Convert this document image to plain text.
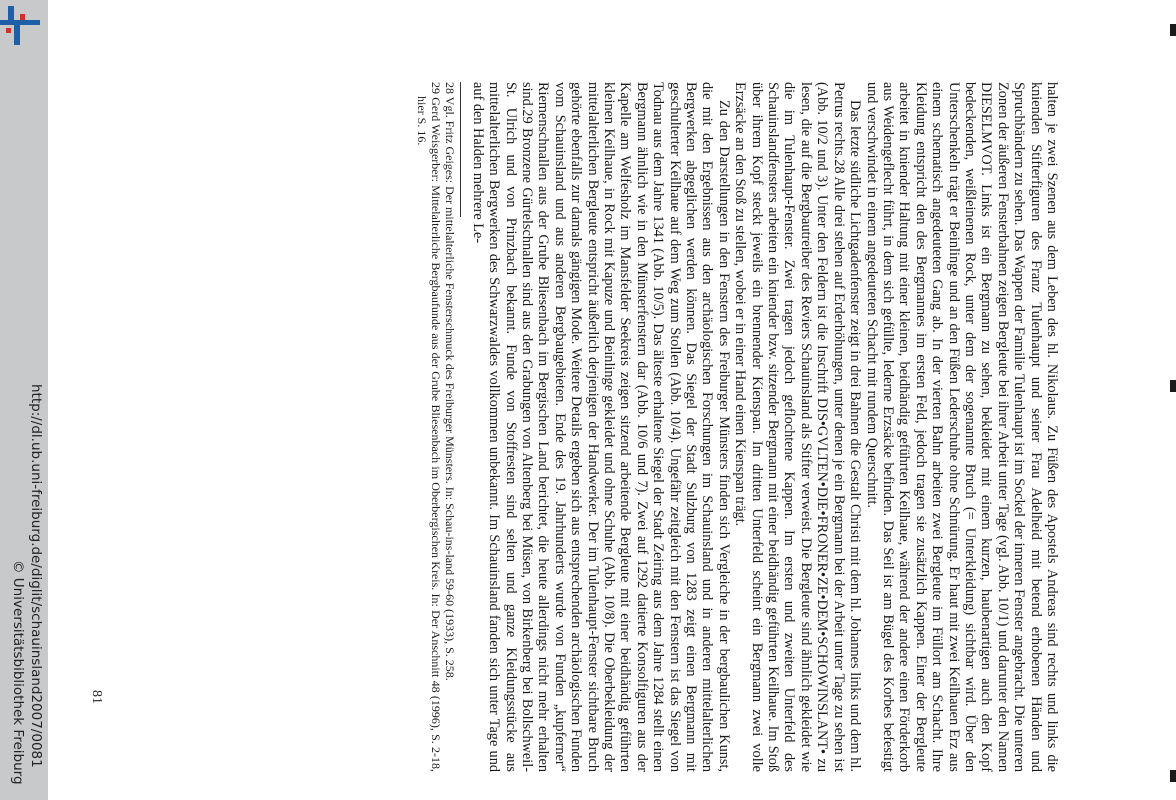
http://dl.ub.uni-freiburg.de/diglit/schauinsland2007/0081
© Universitätsbibliothek Freiburg	halten je zwei Szenen aus dem Leben des hl. Nikolaus. Zu Füßen des Apostels Andreas sind rechts und links die knienden Stifterfiguren des Franz Tulenhaupt und seiner Frau Adelheid mit betend erhobenen Händen und Spruchbändern zu sehen. Das Wappen der Familie Tulenhaupt ist im Sockel der inneren Fenster angebracht. Die unteren Zonen der äußeren Fensterbahnen zeigen Bergleute bei ihrer Arbeit unter Tage (vgl. Abb. 10/1) und darunter den Namen DIESELMVOT. Links ist ein Bergmann zu sehen, bekleidet mit einem kurzen, haubenartigen auch den Kopf bedeckenden, weißleinenen Rock, unter dem der sogenannte Bruch (= Unterkleidung) sichtbar wird. Über den Unterschenkeln trägt er Beinlinge und an den Füßen Lederschuhe ohne Schnürung. Er haut mit zwei Keilhauen Erz aus einem schematisch angedeuteten Gang ab. In der vierten Bahn arbeiten zwei Bergleute im Füllort am Schacht. Ihre Kleidung entspricht den des Bergmannes im ersten Feld, jedoch tragen sie zusätzlich Kappen. Einer der Bergleute arbeitet in kniender Haltung mit einer kleinen, beidhändig geführten Keilhaue, während der andere einen Förderkorb aus Weidengeflecht führt, in dem sich gefüllte, lederne Erzsäcke befinden. Das Seil ist am Bügel des Korbes befestigt und verschwindet in einem angedeuteten Schacht mit rundem Querschnitt.

Das letzte südliche Lichtgadenfenster zeigt in drei Bahnen die Gestalt Christi mit dem hl. Johannes links und dem hl. Petrus rechts.28 Alle drei stehen auf Erderhöhungen, unter denen je ein Bergmann bei der Arbeit unter Tage zu sehen ist (Abb. 10/2 und 3). Unter den Feldern ist die Inschrift DIS•GVLTEN•DIE•FRONER•ZE•DEM•SCHOWINSLANT• zu lesen, die auf die Bergbautreiber des Reviers Schauinsland als Stifter verweist. Die Bergleute sind ähnlich gekleidet wie die im Tulenhaupt-Fenster. Zwei tragen jedoch geflochtene Kappen. Im ersten und zweiten Unterfeld des Schauinslandfensters arbeiten ein kniender bzw. sitzender Bergmann mit einer beidhändig geführten Keilhaue. Im Stoß über ihrem Kopf steckt jeweils ein brennender Kienspan. Im dritten Unterfeld scheint ein Bergmann zwei volle Erzsäcke an den Stoß zu stellen, wobei er in einer Hand einen Kienspan trägt.

Zu den Darstellungen in den Fenstern des Freiburger Münsters finden sich Vergleiche in der bergbaulichen Kunst, die mit den Ergebnissen aus den archäologischen Forschungen im Schauinsland und in anderen mittelalterlichen Bergwerken abgeglichen werden können. Das Siegel der Stadt Sulzburg von 1283 zeigt einen Bergmann mit geschulterter Keilhaue auf dem Weg zum Stollen (Abb. 10/4). Ungefähr zeitgleich mit den Fenstern ist das Siegel von Todnau aus dem Jahre 1341 (Abb. 10/5). Das älteste erhaltene Siegel der Stadt Zeiring aus dem Jahre 1284 stellt einen Bergmann ähnlich wie in den Münsterfenstern dar (Abb. 10/6 und 7). Zwei auf 1292 datierte Konsolfiguren aus der Kapelle am Welfesholz im Mansfelder Seekreis zeigen sitzend arbeitende Bergleute mit einer beidhändig geführten kleinen Keilhaue, in Rock mit Kapuze und Beinlinge gekleidet und ohne Schuhe (Abb. 10/8). Die Oberbekleidung der mittelalterlichen Bergleute entspricht äußerlich derjenigen der Handwerker. Der im Tulenhaupt-Fenster sichtbare Bruch gehörte ebenfalls zur damals gängigen Mode. Weitere Details ergeben sich aus entsprechenden archäologischen Funden vom Schauinsland und aus anderen Bergbaugebieten. Ende des 19. Jahrhunderts wurde von Funden „kupferner“ Riemenschnallen aus der Grube Bliesenbach im Bergischen Land berichtet, die heute allerdings nicht mehr erhalten sind.29 Bronzene Gürtelschnallen sind aus den Grabungen von Altenberg bei Müsen, von Birkenberg bei Bollschweil-St. Ulrich und von Prinzbach bekannt. Funde von Stoffresten sind selten und ganze Kleidungsstücke aus mittelalterlichen Bergwerken des Schwarzwaldes vollkommen unbekannt. Im Schauinsland fanden sich unter Tage und auf den Halden mehrere Le-

28 Vgl. Fritz Geiges: Der mittelalterliche Fensterschmuck des Freiburger Münsters. In: Schau-ins-land 59-60 (1933), S. 258.

29 Gerd Weisgerber: Mittelalterliche Bergbaufunde aus der Grube Bliesenbach im Oberbergischen Kreis. In: Der Anschnitt 48 (1996), S. 2-18, hier S. 16.

81
